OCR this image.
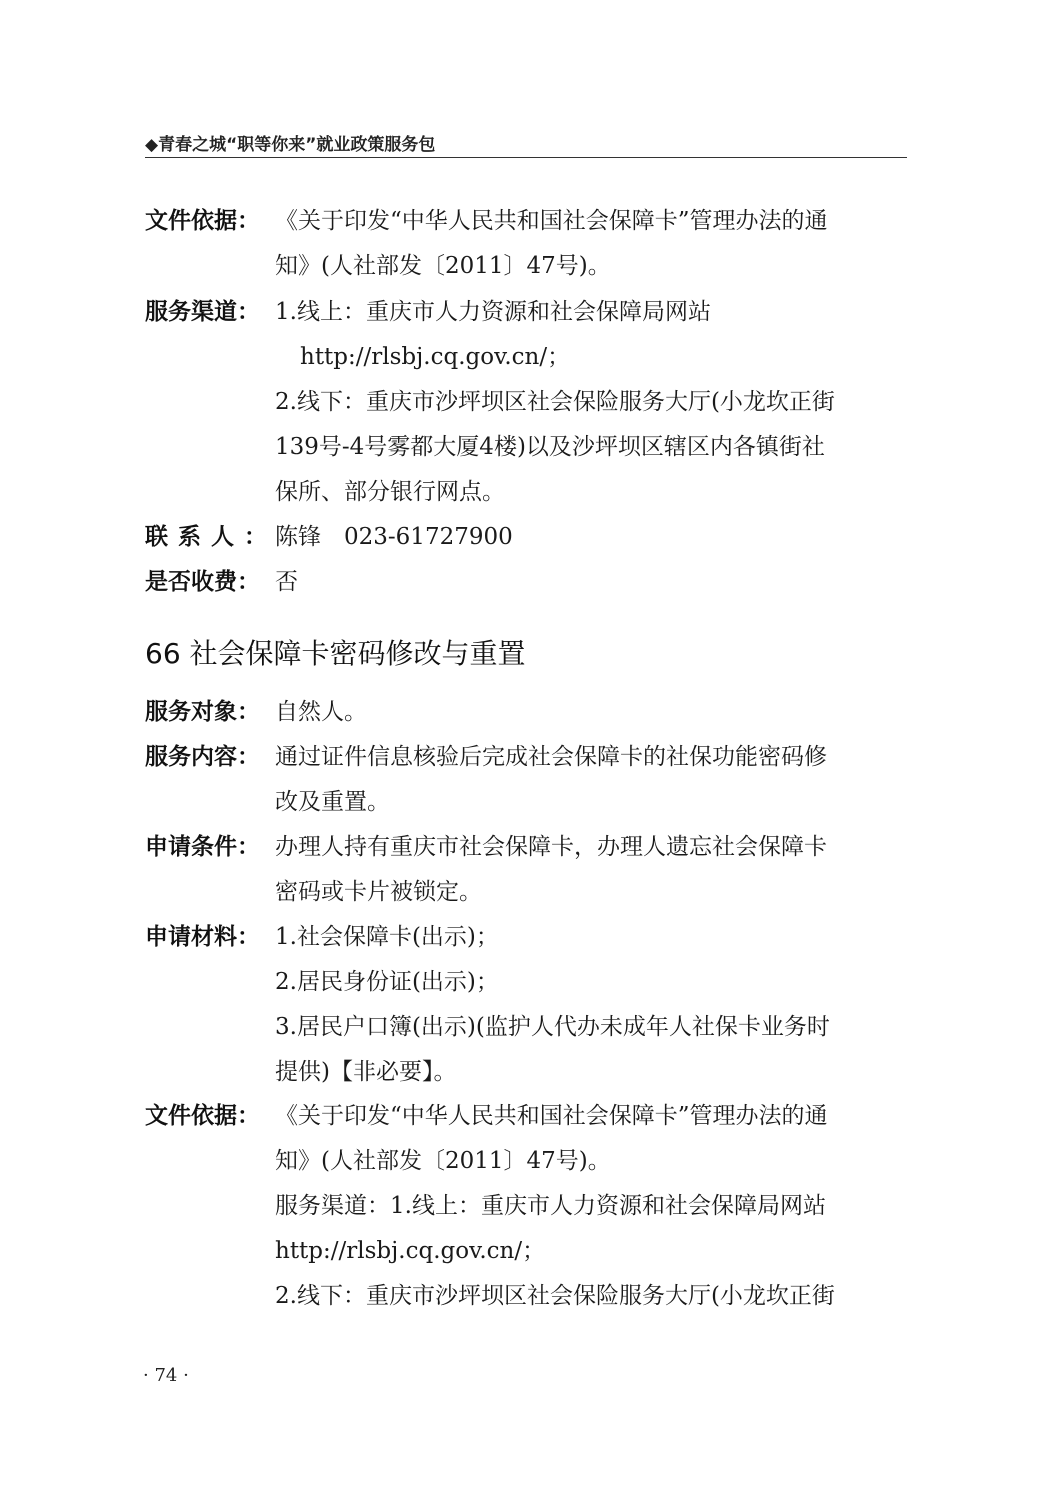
◆青春之城“职等你来”就业政策服务包
文件依据： 《关于印发“中华人民共和国社会保障卡”管理办法的通
知》(人社部发〔2011〕47号)。
服务渠道： 1.线上：重庆市人力资源和社会保障局网站
http://rlsbj.cq.gov.cn/；
2.线下：重庆市沙坪坝区社会保险服务大厅(小龙坎正街
139号-4号雾都大厦4楼)以及沙坪坝区辖区内各镇街社
保所、部分银行网点。
联系人：
陈锋　023-61727900
是否收费： 否
66 社会保障卡密码修改与重置
服务对象： 自然人。
服务内容： 通过证件信息核验后完成社会保障卡的社保功能密码修
改及重置。
申请条件： 办理人持有重庆市社会保障卡，办理人遗忘社会保障卡
密码或卡片被锁定。
申请材料： 1.社会保障卡(出示)；
2.居民身份证(出示)；
3.居民户口簿(出示)(监护人代办未成年人社保卡业务时
提供)【非必要】。
文件依据： 《关于印发“中华人民共和国社会保障卡”管理办法的通
知》(人社部发〔2011〕47号)。
服务渠道：1.线上：重庆市人力资源和社会保障局网站
http://rlsbj.cq.gov.cn/；
2.线下：重庆市沙坪坝区社会保险服务大厅(小龙坎正街
· 74 ·
